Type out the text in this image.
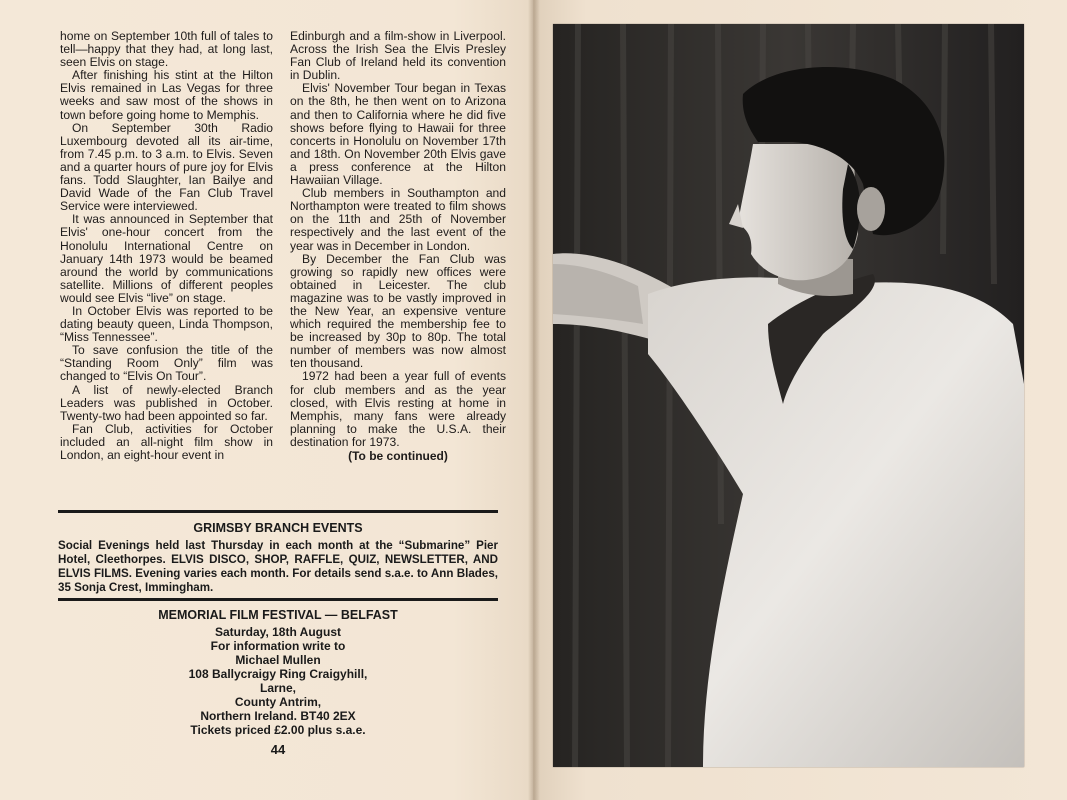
home on September 10th full of tales to tell—happy that they had, at long last, seen Elvis on stage.

After finishing his stint at the Hilton Elvis remained in Las Vegas for three weeks and saw most of the shows in town before going home to Memphis.

On September 30th Radio Luxembourg devoted all its air-time, from 7.45 p.m. to 3 a.m. to Elvis. Seven and a quarter hours of pure joy for Elvis fans. Todd Slaughter, Ian Bailye and David Wade of the Fan Club Travel Service were interviewed.

It was announced in September that Elvis' one-hour concert from the Honolulu International Centre on January 14th 1973 would be beamed around the world by communications satellite. Millions of different peoples would see Elvis “live” on stage.

In October Elvis was reported to be dating beauty queen, Linda Thompson, “Miss Tennessee”.

To save confusion the title of the “Standing Room Only” film was changed to “Elvis On Tour”.

A list of newly-elected Branch Leaders was published in October. Twenty-two had been appointed so far.

Fan Club, activities for October included an all-night film show in London, an eight-hour event in

Edinburgh and a film-show in Liverpool. Across the Irish Sea the Elvis Presley Fan Club of Ireland held its convention in Dublin.

Elvis' November Tour began in Texas on the 8th, he then went on to Arizona and then to California where he did five shows before flying to Hawaii for three concerts in Honolulu on November 17th and 18th. On November 20th Elvis gave a press conference at the Hilton Hawaiian Village.

Club members in Southampton and Northampton were treated to film shows on the 11th and 25th of November respectively and the last event of the year was in December in London.

By December the Fan Club was growing so rapidly new offices were obtained in Leicester. The club magazine was to be vastly improved in the New Year, an expensive venture which required the membership fee to be increased by 30p to 80p. The total number of members was now almost ten thousand.

1972 had been a year full of events for club members and as the year closed, with Elvis resting at home in Memphis, many fans were already planning to make the U.S.A. their destination for 1973.

(To be continued)
GRIMSBY BRANCH EVENTS
Social Evenings held last Thursday in each month at the “Submarine” Pier Hotel, Cleethorpes. ELVIS DISCO, SHOP, RAFFLE, QUIZ, NEWSLETTER, AND ELVIS FILMS. Evening varies each month. For details send s.a.e. to Ann Blades, 35 Sonja Crest, Immingham.
MEMORIAL FILM FESTIVAL — BELFAST
Saturday, 18th August
For information write to
Michael Mullen
108 Ballycraigy Ring Craigyhill,
Larne,
County Antrim,
Northern Ireland. BT40 2EX
Tickets priced £2.00 plus s.a.e.
44
